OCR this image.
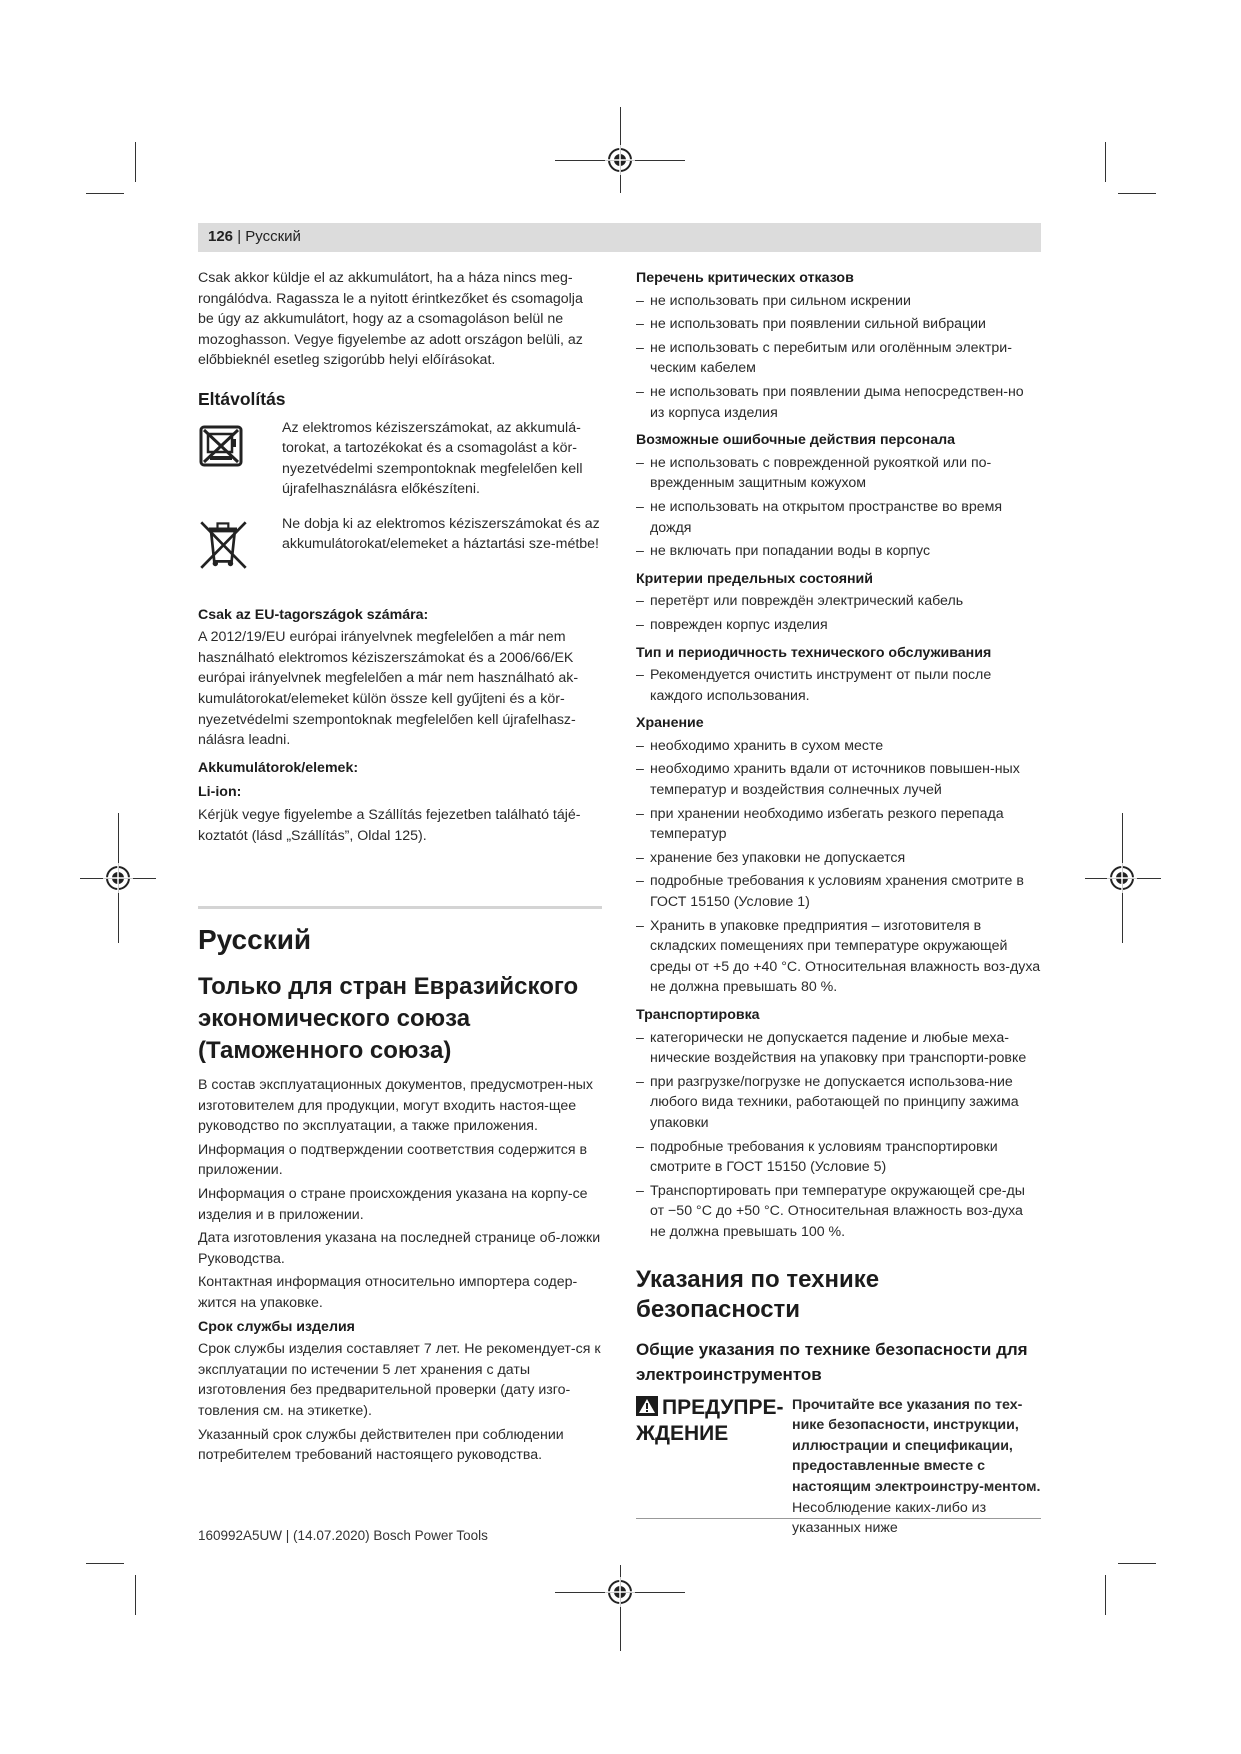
126 | Русский

Csak akkor küldje el az akkumulátort, ha a háza nincs meg-rongálódva. Ragassza le a nyitott érintkezőket és csomagolja be úgy az akkumulátort, hogy az a csomagoláson belül ne mozoghasson. Vegye figyelembe az adott országon belüli, az előbbieknél esetleg szigorúbb helyi előírásokat.

Eltávolítás

Az elektromos kéziszerszámokat, az akkumulá-torokat, a tartozékokat és a csomagolást a kör-nyezetvédelmi szempontoknak megfelelően kell újrafelhasználásra előkészíteni.

Ne dobja ki az elektromos kéziszerszámokat és az akkumulátorokat/elemeket a háztartási sze-métbe!

Csak az EU-tagországok számára:

A 2012/19/EU európai irányelvnek megfelelően a már nem használható elektromos kéziszerszámokat és a 2006/66/EK európai irányelvnek megfelelően a már nem használható ak-kumulátorokat/elemeket külön össze kell gyűjteni és a kör-nyezetvédelmi szempontoknak megfelelően kell újrafelhasz-nálásra leadni.

Akkumulátorok/elemek:
Li-ion:

Kérjük vegye figyelembe a Szállítás fejezetben található tájé-koztatót (lásd „Szállítás”, Oldal 125).

Русский
Только для стран Евразийского экономического союза (Таможенного союза)

В состав эксплуатационных документов, предусмотрен-ных изготовителем для продукции, могут входить настоя-щее руководство по эксплуатации, а также приложения.

Информация о подтверждении соответствия содержится в приложении.

Информация о стране происхождения указана на корпу-се изделия и в приложении.

Дата изготовления указана на последней странице об-ложки Руководства.

Контактная информация относительно импортера содер-жится на упаковке.

Срок службы изделия

Срок службы изделия составляет 7 лет. Не рекомендует-ся к эксплуатации по истечении 5 лет хранения с даты изготовления без предварительной проверки (дату изго-товления см. на этикетке).

Указанный срок службы действителен при соблюдении потребителем требований настоящего руководства.

Перечень критических отказов
– не использовать при сильном искрении
– не использовать при появлении сильной вибрации
– не использовать с перебитым или оголённым электри-ческим кабелем
– не использовать при появлении дыма непосредствен-но из корпуса изделия
Возможные ошибочные действия персонала
– не использовать с поврежденной рукояткой или по-врежденным защитным кожухом
– не использовать на открытом пространстве во время дождя
– не включать при попадании воды в корпус
Критерии предельных состояний
– перетёрт или повреждён электрический кабель
– поврежден корпус изделия
Тип и периодичность технического обслуживания
– Рекомендуется очистить инструмент от пыли после каждого использования.
Хранение
– необходимо хранить в сухом месте
– необходимо хранить вдали от источников повышен-ных температур и воздействия солнечных лучей
– при хранении необходимо избегать резкого перепада температур
– хранение без упаковки не допускается
– подробные требования к условиям хранения смотрите в ГОСТ 15150 (Условие 1)
– Хранить в упаковке предприятия – изготовителя в складских помещениях при температуре окружающей среды от +5 до +40 °C. Относительная влажность воз-духа не должна превышать 80 %.
Транспортировка
– категорически не допускается падение и любые меха-нические воздействия на упаковку при транспорти-ровке
– при разгрузке/погрузке не допускается использова-ние любого вида техники, работающей по принципу зажима упаковки
– подробные требования к условиям транспортировки смотрите в ГОСТ 15150 (Условие 5)
– Транспортировать при температуре окружающей сре-ды от −50 °C до +50 °C. Относительная влажность воз-духа не должна превышать 100 %.
Указания по технике безопасности
Общие указания по технике безопасности для электроинструментов
ПРЕДУПРЕ-ЖДЕНИЕ

Прочитайте все указания по тех-нике безопасности, инструкции, иллюстрации и спецификации, предоставленные вместе с настоящим электроинстру-ментом. Несоблюдение каких-либо из указанных ниже

160992A5UW | (14.07.2020) Bosch Power Tools
